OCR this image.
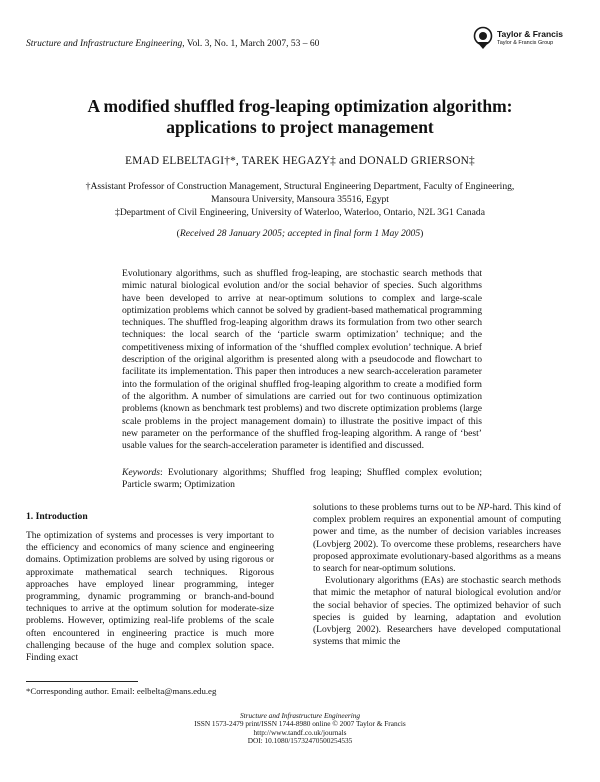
Structure and Infrastructure Engineering, Vol. 3, No. 1, March 2007, 53 – 60
Taylor & Francis
Taylor & Francis Group
A modified shuffled frog-leaping optimization algorithm:
applications to project management
EMAD ELBELTAGI†*, TAREK HEGAZY‡ and DONALD GRIERSON‡
†Assistant Professor of Construction Management, Structural Engineering Department, Faculty of Engineering,
Mansoura University, Mansoura 35516, Egypt
‡Department of Civil Engineering, University of Waterloo, Waterloo, Ontario, N2L 3G1 Canada
(Received 28 January 2005; accepted in final form 1 May 2005)
Evolutionary algorithms, such as shuffled frog-leaping, are stochastic search methods that mimic natural biological evolution and/or the social behavior of species. Such algorithms have been developed to arrive at near-optimum solutions to complex and large-scale optimization problems which cannot be solved by gradient-based mathematical programming techniques. The shuffled frog-leaping algorithm draws its formulation from two other search techniques: the local search of the ‘particle swarm optimization’ technique; and the competitiveness mixing of information of the ‘shuffled complex evolution’ technique. A brief description of the original algorithm is presented along with a pseudocode and flowchart to facilitate its implementation. This paper then introduces a new search-acceleration parameter into the formulation of the original shuffled frog-leaping algorithm to create a modified form of the algorithm. A number of simulations are carried out for two continuous optimization problems (known as benchmark test problems) and two discrete optimization problems (large scale problems in the project management domain) to illustrate the positive impact of this new parameter on the performance of the shuffled frog-leaping algorithm. A range of ‘best’ usable values for the search-acceleration parameter is identified and discussed.
Keywords: Evolutionary algorithms; Shuffled frog leaping; Shuffled complex evolution; Particle swarm; Optimization
1. Introduction

The optimization of systems and processes is very important to the efficiency and economics of many science and engineering domains. Optimization problems are solved by using rigorous or approximate mathematical search techniques. Rigorous approaches have employed linear programming, integer programming, dynamic programming or branch-and-bound techniques to arrive at the optimum solution for moderate-size problems. However, optimizing real-life problems of the scale often encountered in engineering practice is much more challenging because of the huge and complex solution space. Finding exact

solutions to these problems turns out to be NP-hard. This kind of complex problem requires an exponential amount of computing power and time, as the number of decision variables increases (Lovbjerg 2002). To overcome these problems, researchers have proposed approximate evolutionary-based algorithms as a means to search for near-optimum solutions.

Evolutionary algorithms (EAs) are stochastic search methods that mimic the metaphor of natural biological evolution and/or the social behavior of species. The optimized behavior of such species is guided by learning, adaptation and evolution (Lovbjerg 2002). Researchers have developed computational systems that mimic the

*Corresponding author. Email: eelbelta@mans.edu.eg
Structure and Infrastructure Engineering
ISSN 1573-2479 print/ISSN 1744-8980 online © 2007 Taylor & Francis
http://www.tandf.co.uk/journals
DOI: 10.1080/15732470500254535
